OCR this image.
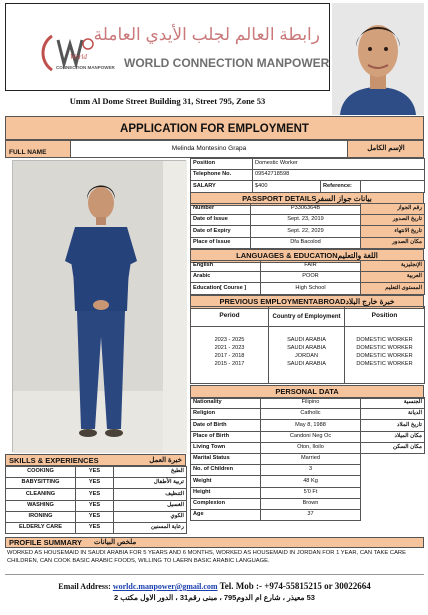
World
CONNECTION MANPOWER
رابطة العالم لجلب الأيدي العاملة
WORLD CONNECTION MANPOWER
Umm Al Dome Street Building 31, Street 795, Zone 53
APPLICATION FOR EMPLOYMENT
FULL NAME
Melinda Montesino Grapa	الإسم الكامل
Position	Domestic Worker		
Telephone No.	09542718598		
SALARY	$400	Reference:	
PASSPORT DETAILSبيانات جواز السفر
Number	P3306364B	رقم الجواز
Date of Issue	Sept. 23, 2019	تاريخ الصدور
Date of Expiry	Sept. 22, 2029	تاريخ الانتهاء
Place of Issue	Dfa Bacolod	مكان الصدور
LANGUAGES & EDUCATIONاللغة والتعليم
English	FAIR	الإنجليزية
Arabic	POOR	العربية
Education[ Course ]	High School	المستوى التعليم
PREVIOUS EMPLOYMENTABROADخبرة خارج البلاد
Period	Country of Employment	Position
2023 - 2025	SAUDI ARABIA	DOMESTIC WORKER
2021 - 2023	SAUDI ARABIA	DOMESTIC WORKER
2017 - 2018	JORDAN	DOMESTIC WORKER
2015 - 2017	SAUDI ARABIA	DOMESTIC WORKER
PERSONAL DATA
Nationality	Filipino	الجنسية
Religion	Catholic	الديانة
Date of Birth	May 8, 1988	تاريخ الملاد
Place of Birth	Candoni Neg Oc	مكان الميلاد
Living Town	Oton, Iloilo	مكان السكن
Marital Status	Married	
No. of Children	3	
Weight	48 Kg	
Height	5'0 Ft	
Complexion	Brown	
Age	37	
SKILLS & EXPERIENCES	خبرة العمل
COOKING	YES	الطبخ
BABYSITTING	YES	تربية الأطفال
CLEANING	YES	التنظيف
WASHING	YES	الغسيل
IRONING	YES	الكوي
ELDERLY CARE	YES	رعاية المسنين
PROFILE SUMMARY ملخص البيانات
WORKED AS HOUSEMAID IN SAUDI ARABIA FOR 5 YEARS AND 6 MONTHS, WORKED AS HOUSEMAID IN JORDAN FOR 1 YEAR, CAN TAKE CARE CHILDREN, CAN COOK BASIC ARABIC FOODS, WILLING TO LAERN BASIC ARABIC LANGUAGE.
Email Address: worldc.manpower@gmail.com Tel. Mob :- +974-55815215 or 30022664
53 معيذر ، شارع ام الدوم795 ، مبنى رقم31 ، الدور الاول مكتب 2
